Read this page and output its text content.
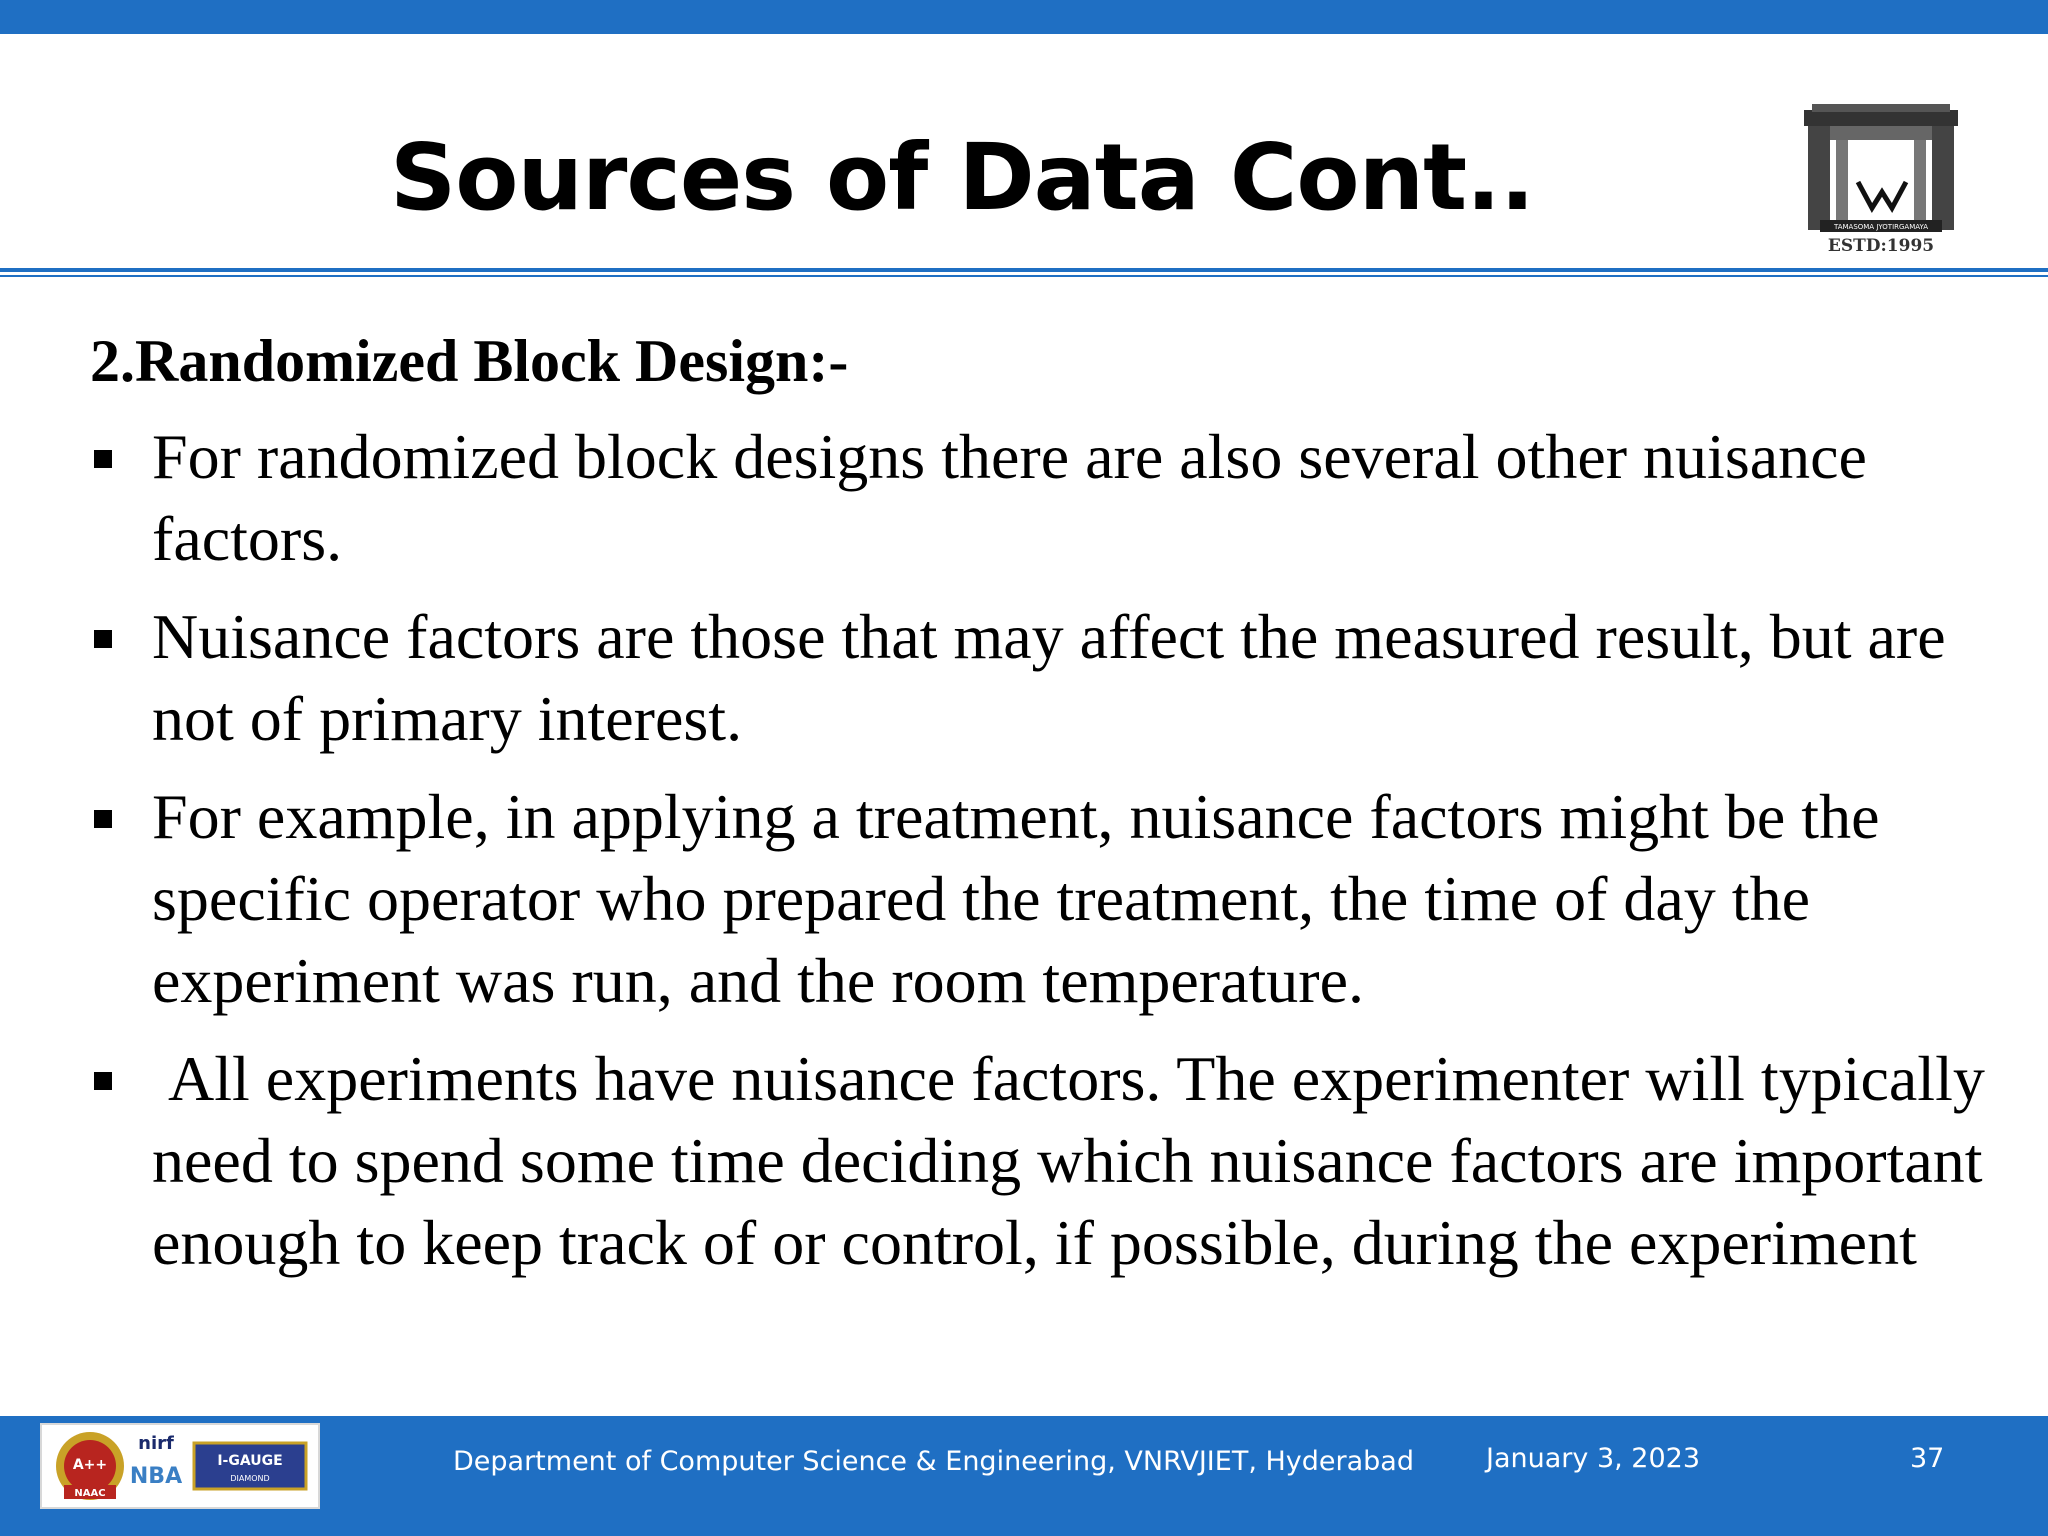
Sources of Data Cont..	TAMASOMA JYOTIRGAMAYA
ESTD:1995
2.Randomized Block Design:-
For randomized block designs there are also several other nuisance factors.
Nuisance factors are those that may affect the measured result, but are not of primary interest.
For example, in applying a treatment, nuisance factors might be the specific operator who prepared the treatment, the time of day the experiment was run, and the room temperature.
All experiments have nuisance factors. The experimenter will typically need to spend some time deciding which nuisance factors are important enough to keep track of or control, if possible, during the experiment
A++
NAAC
nirf
NBA
I-GAUGE
DIAMOND
Department of Computer Science & Engineering, VNRVJIET, Hyderabad	January 3, 2023	37
